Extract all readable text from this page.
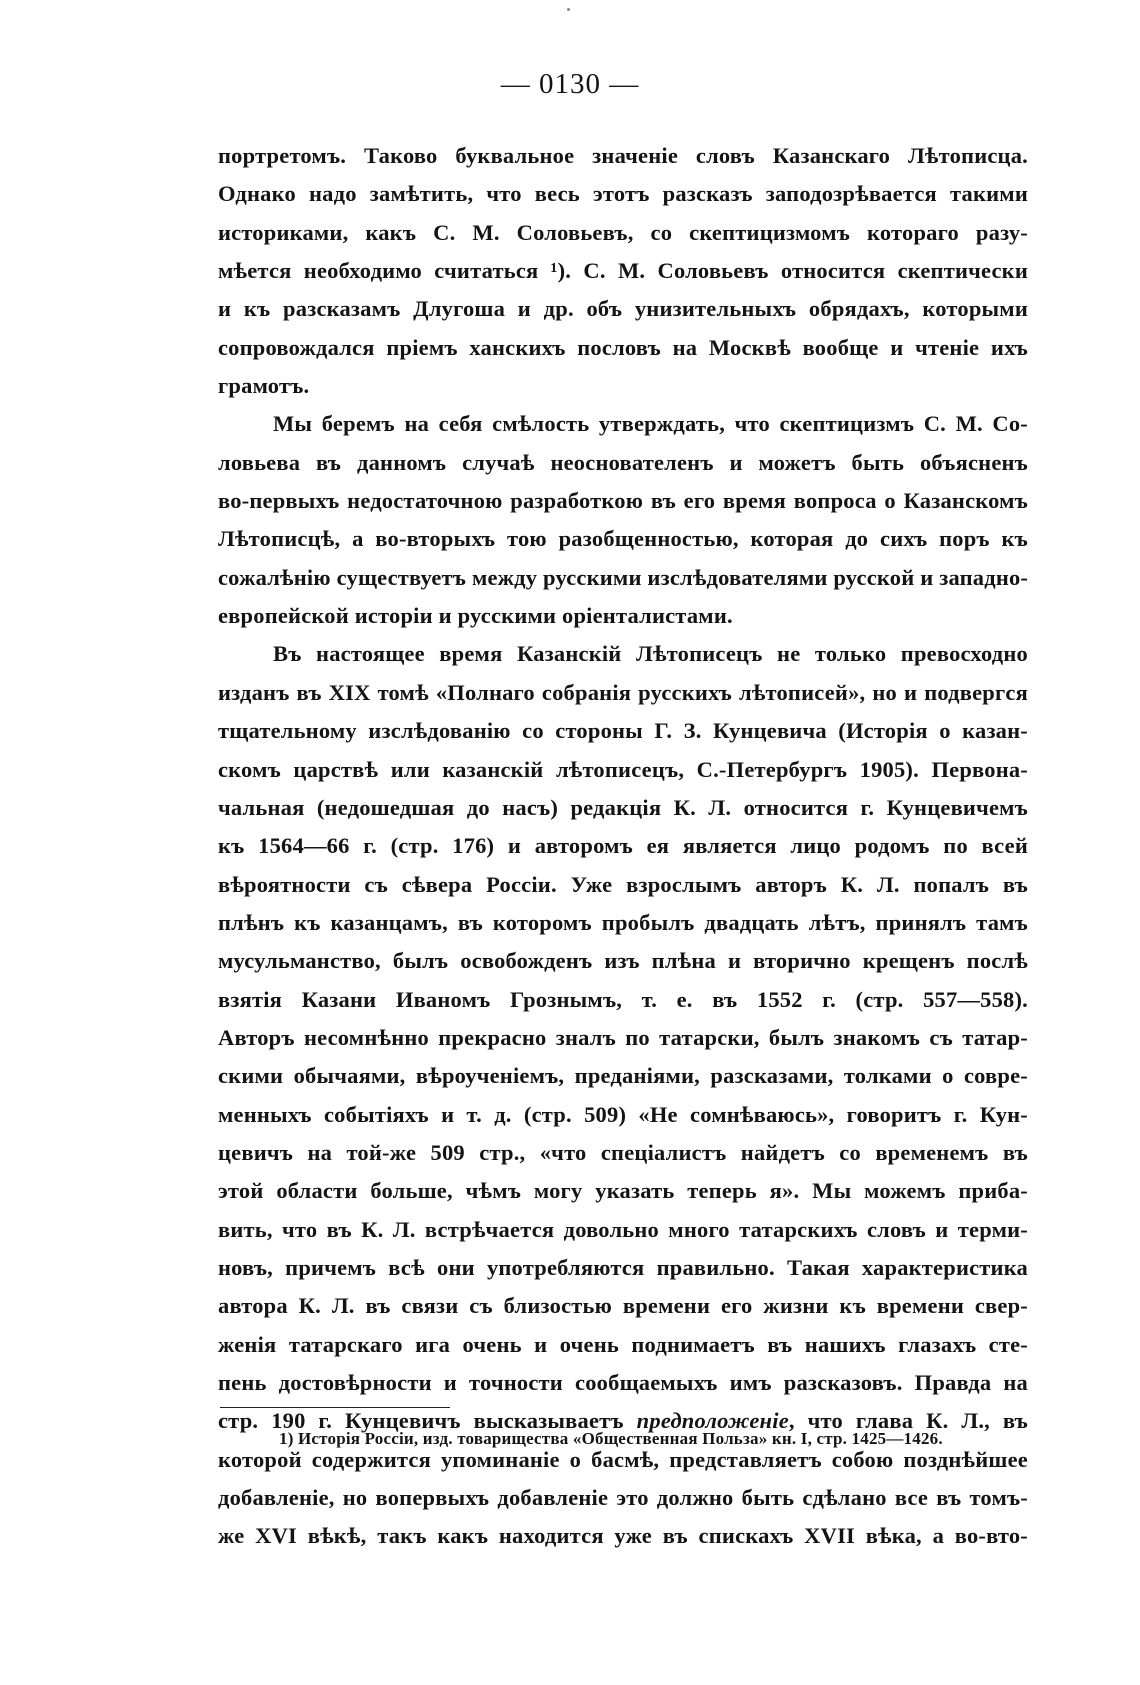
— 0130 —
портретомъ. Таково буквальное значеніе словъ Казанскаго Лѣтописца.
Однако надо замѣтить, что весь этотъ разсказъ заподозрѣвается такими
историками, какъ С. М. Соловьевъ, со скептицизмомъ котораго разу-
мѣется необходимо считаться ¹). С. М. Соловьевъ относится скептически
и къ разсказамъ Длугоша и др. объ унизительныхъ обрядахъ, которыми
сопровождался пріемъ ханскихъ пословъ на Москвѣ вообще и чтеніе ихъ
грамотъ.
Мы беремъ на себя смѣлость утверждать, что скептицизмъ С. М. Со-
ловьева въ данномъ случаѣ неоснователенъ и можетъ быть объясненъ
во-первыхъ недостаточною разработкою въ его время вопроса о Казанскомъ
Лѣтописцѣ, а во-вторыхъ тою разобщенностью, которая до сихъ поръ къ
сожалѣнію существуетъ между русскими изслѣдователями русской и западно-
европейской исторіи и русскими оріенталистами.
Въ настоящее время Казанскій Лѣтописецъ не только превосходно
изданъ въ XIX томѣ «Полнаго собранія русскихъ лѣтописей», но и подвергся
тщательному изслѣдованію со стороны Г. З. Кунцевича (Исторія о казан-
скомъ царствѣ или казанскій лѣтописецъ, С.-Петербургъ 1905). Первона-
чальная (недошедшая до насъ) редакція К. Л. относится г. Кунцевичемъ
къ 1564—66 г. (стр. 176) и авторомъ ея является лицо родомъ по всей
вѣроятности съ сѣвера Россіи. Уже взрослымъ авторъ К. Л. попалъ въ
плѣнъ къ казанцамъ, въ которомъ пробылъ двадцать лѣтъ, принялъ тамъ
мусульманство, былъ освобожденъ изъ плѣна и вторично крещенъ послѣ
взятія Казани Иваномъ Грознымъ, т. е. въ 1552 г. (стр. 557—558).
Авторъ несомнѣнно прекрасно зналъ по татарски, былъ знакомъ съ татар-
скими обычаями, вѣроученіемъ, преданіями, разсказами, толками о совре-
менныхъ событіяхъ и т. д. (стр. 509) «Не сомнѣваюсь», говоритъ г. Кун-
цевичъ на той-же 509 стр., «что спеціалистъ найдетъ со временемъ въ
этой области больше, чѣмъ могу указать теперь я». Мы можемъ приба-
вить, что въ К. Л. встрѣчается довольно много татарскихъ словъ и терми-
новъ, причемъ всѣ они употребляются правильно. Такая характеристика
автора К. Л. въ связи съ близостью времени его жизни къ времени свер-
женія татарскаго ига очень и очень поднимаетъ въ нашихъ глазахъ сте-
пень достовѣрности и точности сообщаемыхъ имъ разсказовъ. Правда на
стр. 190 г. Кунцевичъ высказываетъ предположеніе, что глава К. Л., въ
которой содержится упоминаніе о басмѣ, представляетъ собою позднѣйшее
добавленіе, но вопервыхъ добавленіе это должно быть сдѣлано все въ томъ-
же XVI вѣкѣ, такъ какъ находится уже въ спискахъ XVII вѣка, а во-вто-
1) Исторія Россіи, изд. товарищества «Общественная Польза» кн. I, стр. 1425—1426.
